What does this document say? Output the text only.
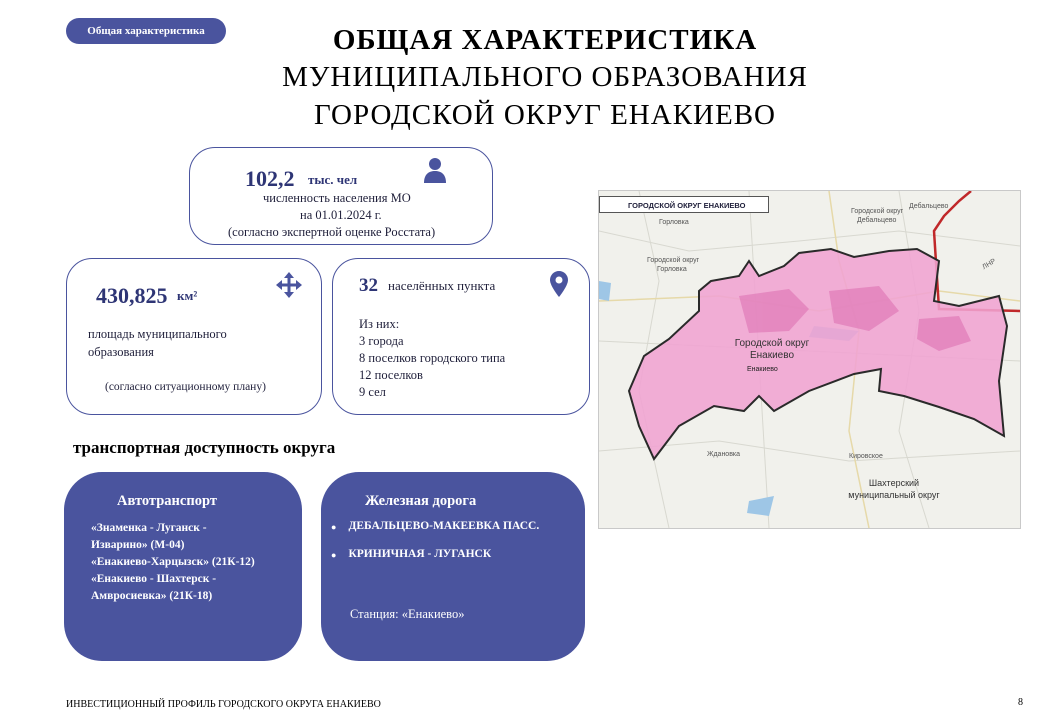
Общая характеристика	ОБЩАЯ ХАРАКТЕРИСТИКА
МУНИЦИПАЛЬНОГО ОБРАЗОВАНИЯ
ГОРОДСКОЙ ОКРУГ ЕНАКИЕВО
102,2 тыс. чел
численность населения МО
на 01.01.2024 г.
(согласно экспертной оценке Росстата)
430,825 км²
площадь муниципального
образования
(согласно ситуационному плану)
32 населённых пункта
Из них:
3 города
8 поселков городского типа
12 поселков
9 сел
транспортная доступность округа
Автотранспорт
«Знаменка - Луганск -
Изварино» (М-04)
«Енакиево-Харцызск» (21К-12)
«Енакиево - Шахтерск -
Амвросиевка» (21К-18)
Железная дорога
● ДЕБАЛЬЦЕВО-МАКЕЕВКА ПАСС.
● КРИНИЧНАЯ - ЛУГАНСК
Станция: «Енакиево»
ГОРОДСКОЙ ОКРУГ ЕНАКИЕВО
Горловка
Городской округ
Горловка
Городской округ
Дебальцево
Дебальцево
ЛНР
Городской округ
Енакиево
Енакиево
Ждановка	Кировское
Шахтерский
муниципальный округ
ИНВЕСТИЦИОННЫЙ ПРОФИЛЬ ГОРОДСКОГО ОКРУГА ЕНАКИЕВО	8
